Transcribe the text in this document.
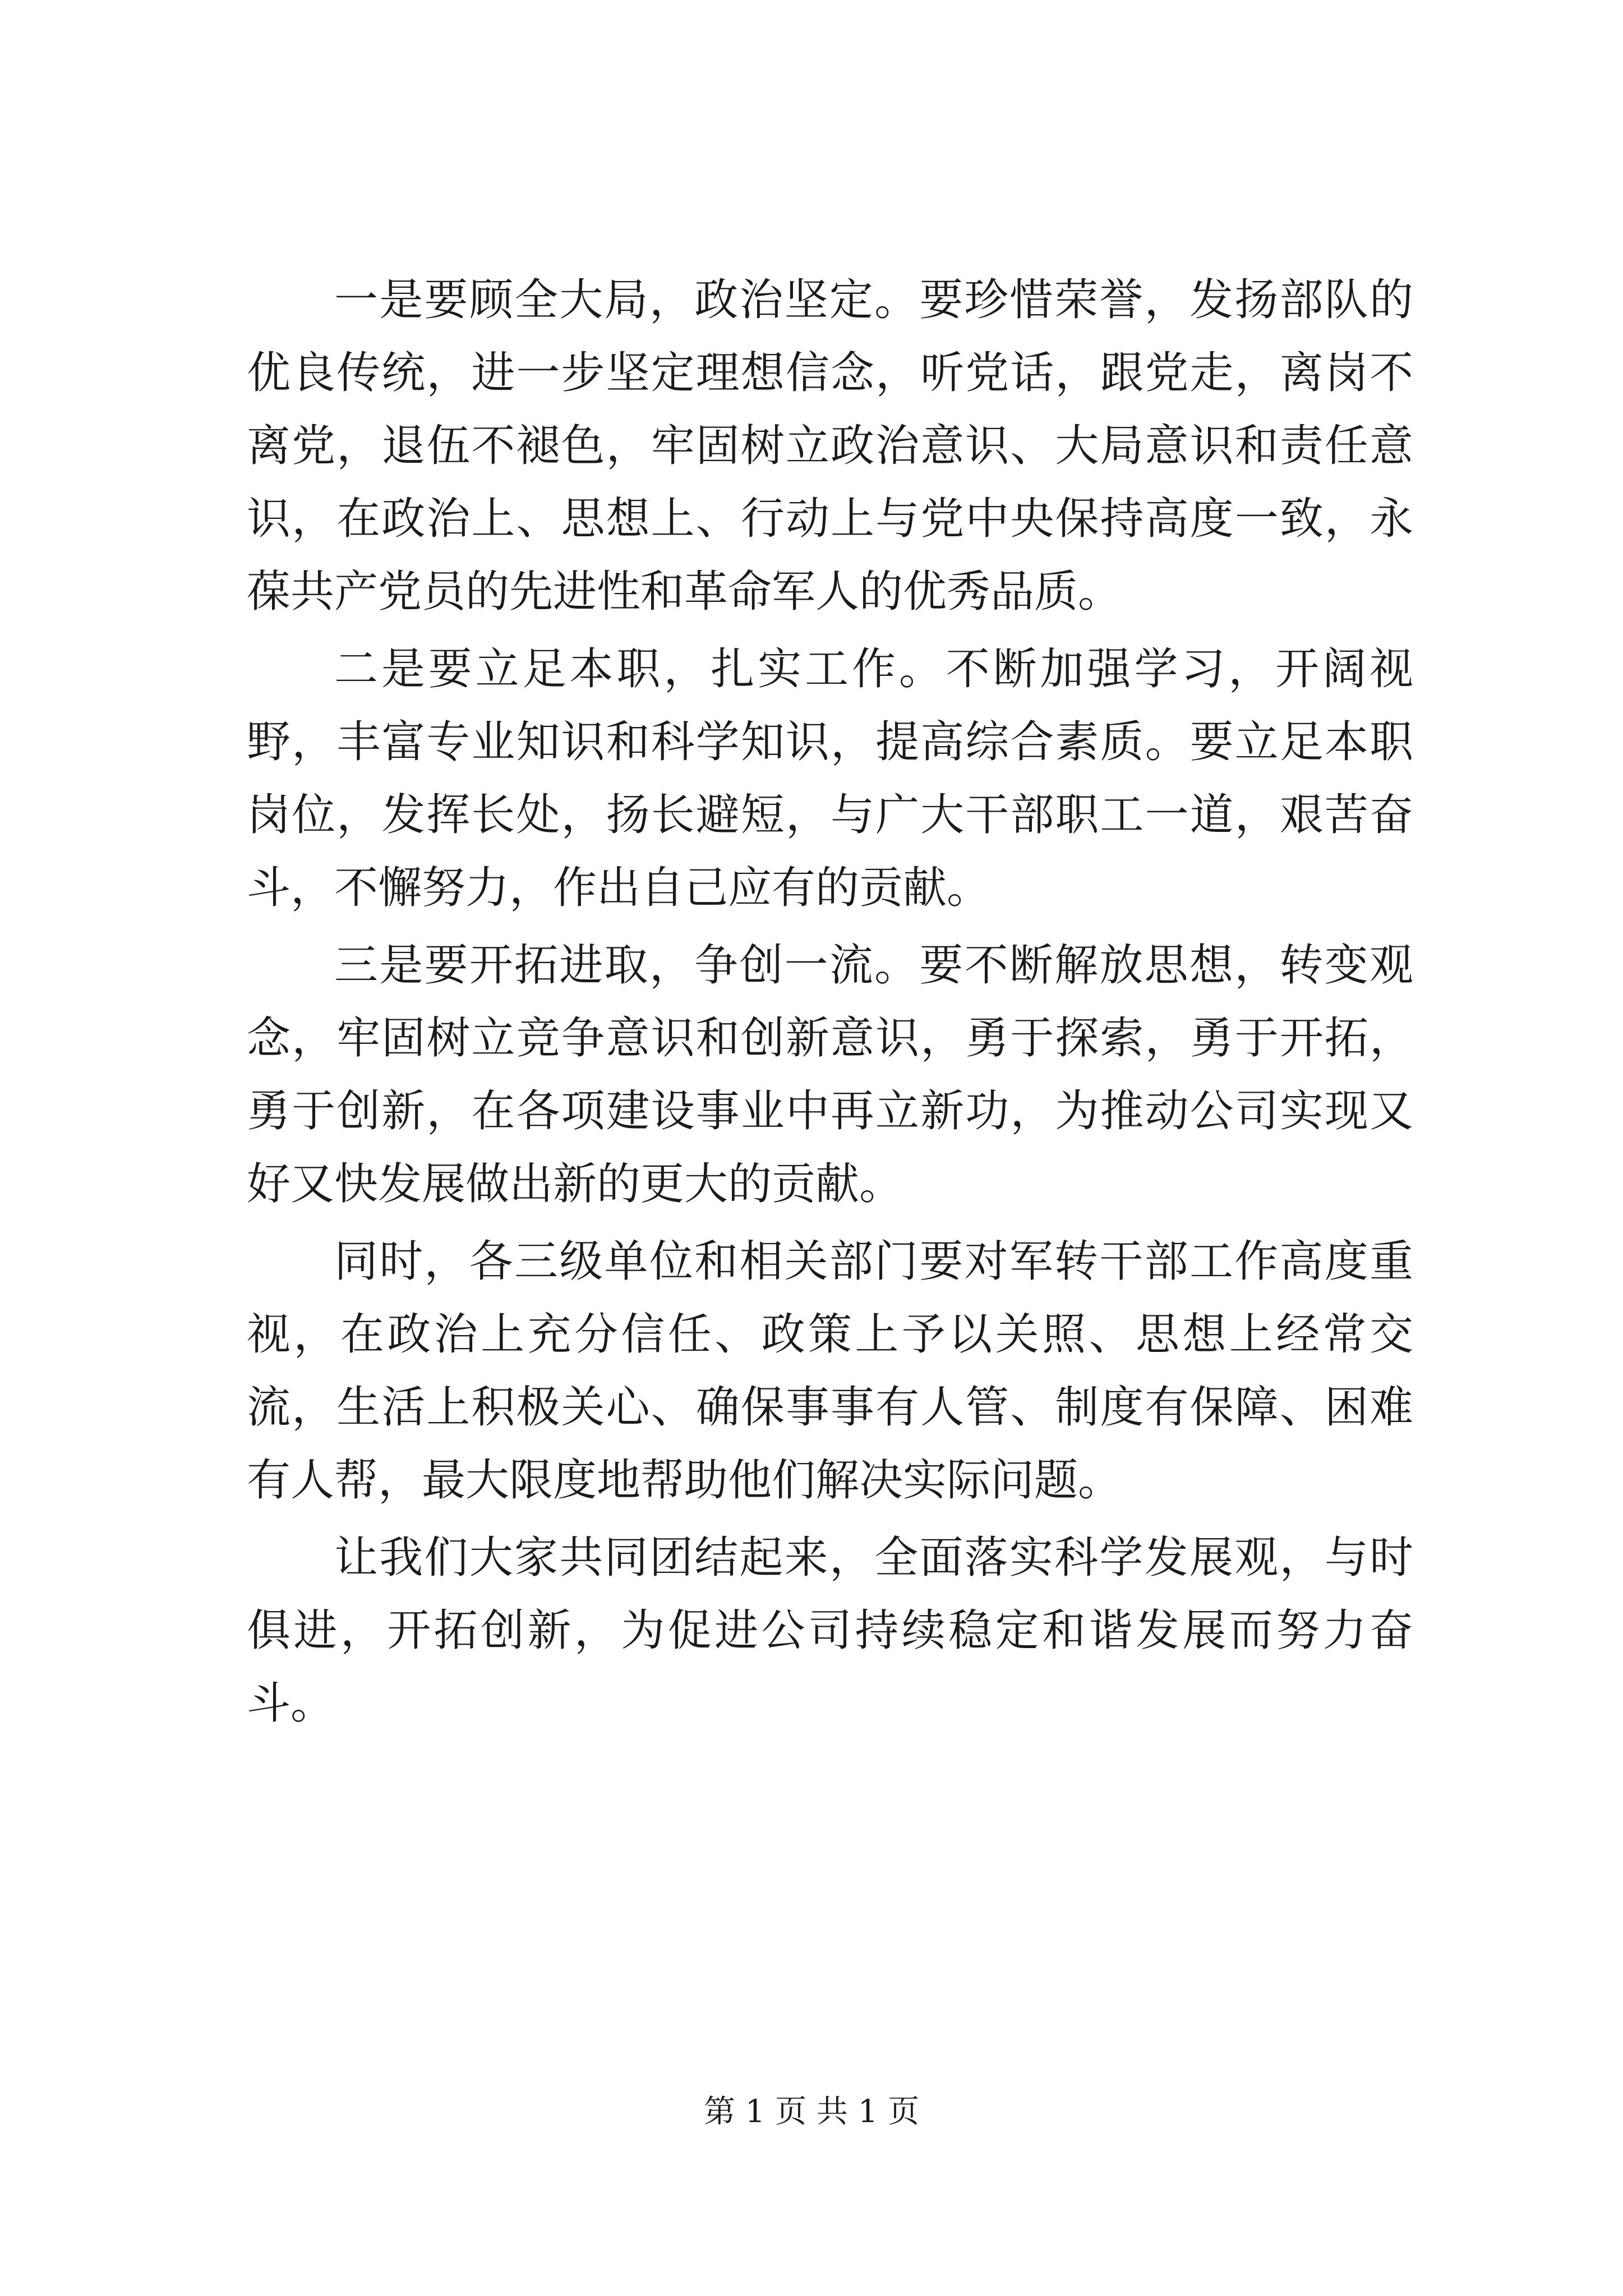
一是要顾全大局，政治坚定。要珍惜荣誉，发扬部队的优良传统，进一步坚定理想信念，听党话，跟党走，离岗不离党，退伍不褪色，牢固树立政治意识、大局意识和责任意识，在政治上、思想上、行动上与党中央保持高度一致，永葆共产党员的先进性和革命军人的优秀品质。

二是要立足本职，扎实工作。不断加强学习，开阔视野，丰富专业知识和科学知识，提高综合素质。要立足本职岗位，发挥长处，扬长避短，与广大干部职工一道，艰苦奋斗，不懈努力，作出自己应有的贡献。

三是要开拓进取，争创一流。要不断解放思想，转变观念，牢固树立竞争意识和创新意识，勇于探索，勇于开拓，勇于创新，在各项建设事业中再立新功，为推动公司实现又好又快发展做出新的更大的贡献。

同时，各三级单位和相关部门要对军转干部工作高度重视，在政治上充分信任、政策上予以关照、思想上经常交流，生活上积极关心、确保事事有人管、制度有保障、困难有人帮，最大限度地帮助他们解决实际问题。

让我们大家共同团结起来，全面落实科学发展观，与时俱进，开拓创新，为促进公司持续稳定和谐发展而努力奋斗。

第 1 页 共 1 页
